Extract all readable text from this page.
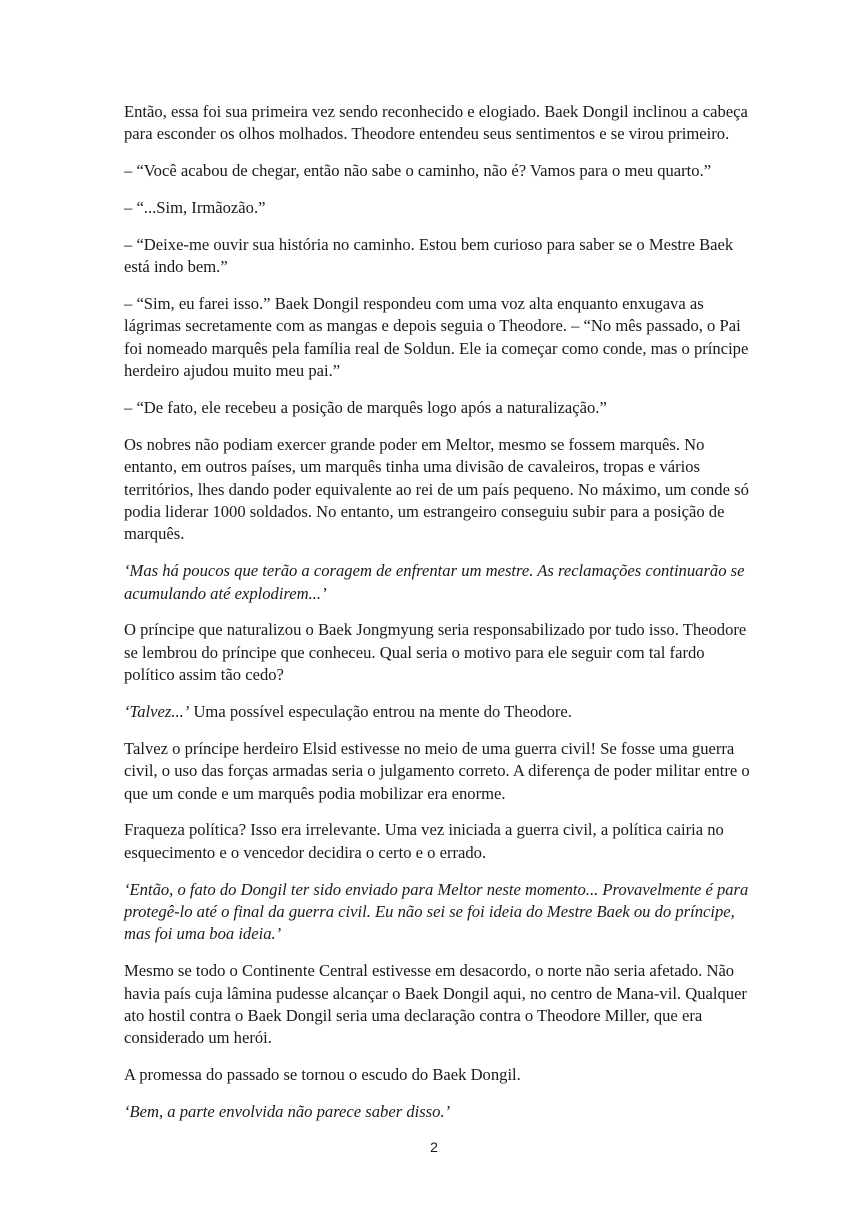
Então, essa foi sua primeira vez sendo reconhecido e elogiado. Baek Dongil inclinou a cabeça para esconder os olhos molhados. Theodore entendeu seus sentimentos e se virou primeiro.

– “Você acabou de chegar, então não sabe o caminho, não é? Vamos para o meu quarto.”

– “...Sim, Irmãozão.”

– “Deixe-me ouvir sua história no caminho. Estou bem curioso para saber se o Mestre Baek está indo bem.”

– “Sim, eu farei isso.” Baek Dongil respondeu com uma voz alta enquanto enxugava as lágrimas secretamente com as mangas e depois seguia o Theodore. – “No mês passado, o Pai foi nomeado marquês pela família real de Soldun. Ele ia começar como conde, mas o príncipe herdeiro ajudou muito meu pai.”

– “De fato, ele recebeu a posição de marquês logo após a naturalização.”

Os nobres não podiam exercer grande poder em Meltor, mesmo se fossem marquês. No entanto, em outros países, um marquês tinha uma divisão de cavaleiros, tropas e vários territórios, lhes dando poder equivalente ao rei de um país pequeno. No máximo, um conde só podia liderar 1000 soldados. No entanto, um estrangeiro conseguiu subir para a posição de marquês.

‘Mas há poucos que terão a coragem de enfrentar um mestre. As reclamações continuarão se acumulando até explodirem...’

O príncipe que naturalizou o Baek Jongmyung seria responsabilizado por tudo isso. Theodore se lembrou do príncipe que conheceu. Qual seria o motivo para ele seguir com tal fardo político assim tão cedo?

‘Talvez...’ Uma possível especulação entrou na mente do Theodore.

Talvez o príncipe herdeiro Elsid estivesse no meio de uma guerra civil! Se fosse uma guerra civil, o uso das forças armadas seria o julgamento correto. A diferença de poder militar entre o que um conde e um marquês podia mobilizar era enorme.

Fraqueza política? Isso era irrelevante. Uma vez iniciada a guerra civil, a política cairia no esquecimento e o vencedor decidira o certo e o errado.

‘Então, o fato do Dongil ter sido enviado para Meltor neste momento... Provavelmente é para protegê-lo até o final da guerra civil. Eu não sei se foi ideia do Mestre Baek ou do príncipe, mas foi uma boa ideia.’

Mesmo se todo o Continente Central estivesse em desacordo, o norte não seria afetado. Não havia país cuja lâmina pudesse alcançar o Baek Dongil aqui, no centro de Mana-vil. Qualquer ato hostil contra o Baek Dongil seria uma declaração contra o Theodore Miller, que era considerado um herói.

A promessa do passado se tornou o escudo do Baek Dongil.

‘Bem, a parte envolvida não parece saber disso.’

2
